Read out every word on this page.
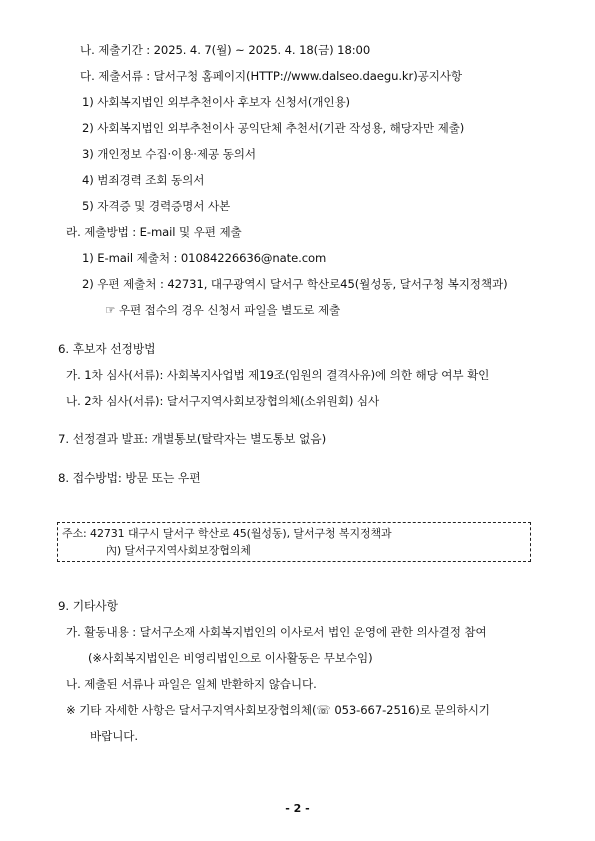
나. 제출기간 : 2025. 4. 7(월) ~ 2025. 4. 18(금) 18:00
다. 제출서류 : 달서구청 홈페이지(HTTP://www.dalseo.daegu.kr)공지사항
1) 사회복지법인 외부추천이사 후보자 신청서(개인용)
2) 사회복지법인 외부추천이사 공익단체 추천서(기관 작성용, 해당자만 제출)
3) 개인정보 수집·이용·제공 동의서
4) 범죄경력 조회 동의서
5) 자격증 및 경력증명서 사본
라. 제출방법 : E-mail 및 우편 제출
1) E-mail 제출처 : 01084226636@nate.com
2) 우편 제출처 : 42731, 대구광역시 달서구 학산로45(월성동, 달서구청 복지정책과)
☞ 우편 접수의 경우 신청서 파일을 별도로 제출
6. 후보자 선정방법
가. 1차 심사(서류): 사회복지사업법 제19조(임원의 결격사유)에 의한 해당 여부 확인
나. 2차 심사(서류): 달서구지역사회보장협의체(소위원회) 심사
7. 선정결과 발표: 개별통보(탈락자는 별도통보 없음)
8. 접수방법: 방문 또는 우편
주소: 42731 대구시 달서구 학산로 45(월성동), 달서구청 복지정책과
內) 달서구지역사회보장협의체
9. 기타사항
가. 활동내용 : 달서구소재 사회복지법인의 이사로서 법인 운영에 관한 의사결정 참여
(※사회복지법인은 비영리법인으로 이사활동은 무보수임)
나. 제출된 서류나 파일은 일체 반환하지 않습니다.
※ 기타 자세한 사항은 달서구지역사회보장협의체(☏ 053-667-2516)로 문의하시기
바랍니다.
- 2 -
